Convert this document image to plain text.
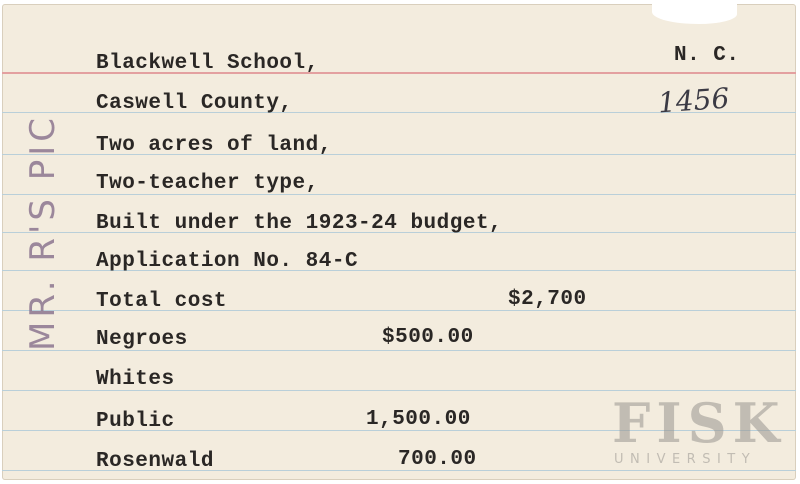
N. C.
1456
Blackwell School,
Caswell County,
Two acres of land,
Two-teacher type,
Built under the 1923-24 budget,
Application No. 84-C
Total cost	$2,700
Negroes	$500.00
Whites
Public	1,500.00
Rosenwald	700.00
MR. R'S PIC
FISK
UNIVERSITY
